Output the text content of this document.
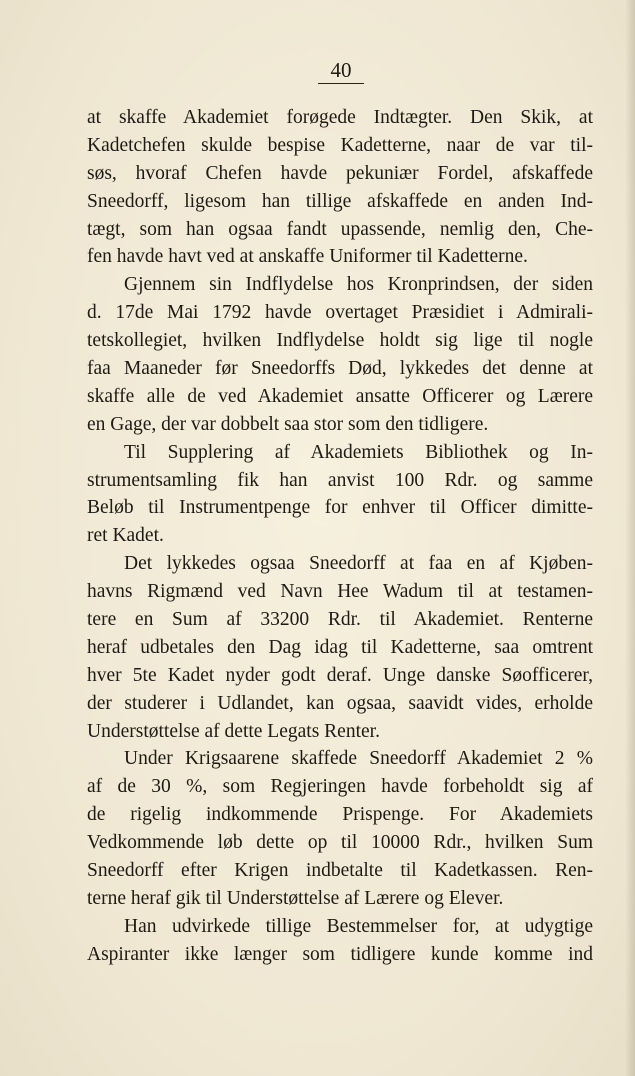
40
at skaffe Akademiet forøgede Indtægter. Den Skik, at
Kadetchefen skulde bespise Kadetterne, naar de var til-
søs, hvoraf Chefen havde pekuniær Fordel, afskaffede
Sneedorff, ligesom han tillige afskaffede en anden Ind-
tægt, som han ogsaa fandt upassende, nemlig den, Che-
fen havde havt ved at anskaffe Uniformer til Kadetterne.
Gjennem sin Indflydelse hos Kronprindsen, der siden
d. 17de Mai 1792 havde overtaget Præsidiet i Admirali-
tetskollegiet, hvilken Indflydelse holdt sig lige til nogle
faa Maaneder før Sneedorffs Død, lykkedes det denne at
skaffe alle de ved Akademiet ansatte Officerer og Lærere
en Gage, der var dobbelt saa stor som den tidligere.
Til Supplering af Akademiets Bibliothek og In-
strumentsamling fik han anvist 100 Rdr. og samme
Beløb til Instrumentpenge for enhver til Officer dimitte-
ret Kadet.
Det lykkedes ogsaa Sneedorff at faa en af Kjøben-
havns Rigmænd ved Navn Hee Wadum til at testamen-
tere en Sum af 33200 Rdr. til Akademiet. Renterne
heraf udbetales den Dag idag til Kadetterne, saa omtrent
hver 5te Kadet nyder godt deraf. Unge danske Søofficerer,
der studerer i Udlandet, kan ogsaa, saavidt vides, erholde
Understøttelse af dette Legats Renter.
Under Krigsaarene skaffede Sneedorff Akademiet 2 %
af de 30 %, som Regjeringen havde forbeholdt sig af
de rigelig indkommende Prispenge. For Akademiets
Vedkommende løb dette op til 10000 Rdr., hvilken Sum
Sneedorff efter Krigen indbetalte til Kadetkassen. Ren-
terne heraf gik til Understøttelse af Lærere og Elever.
Han udvirkede tillige Bestemmelser for, at udygtige
Aspiranter ikke længer som tidligere kunde komme ind
